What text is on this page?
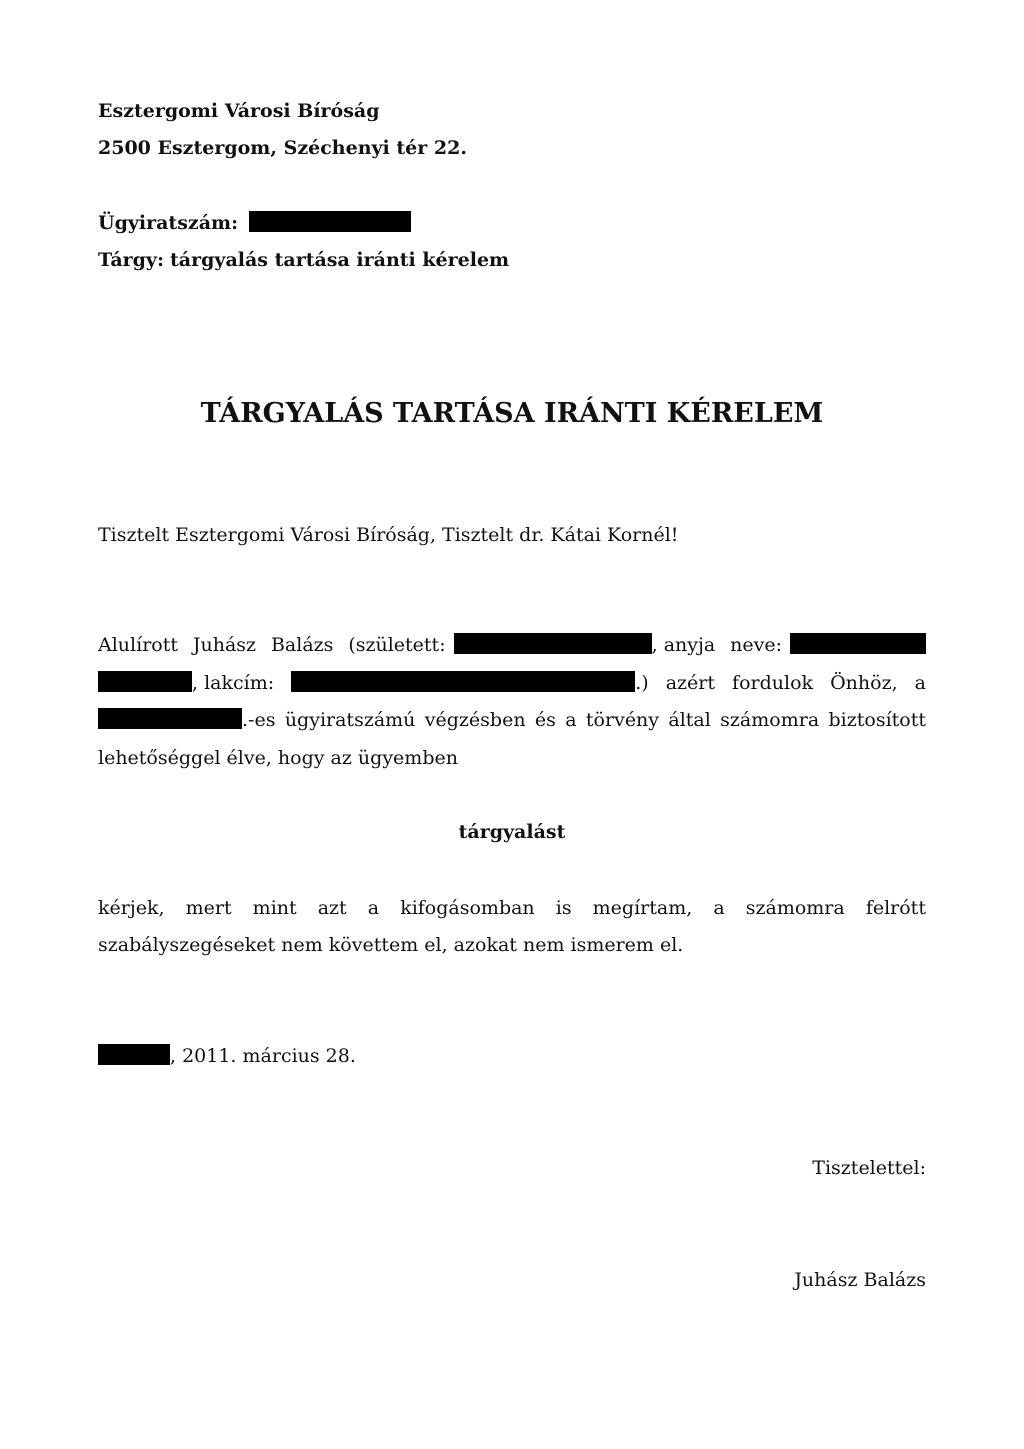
Esztergomi Városi Bíróság
2500 Esztergom, Széchenyi tér 22.
Ügyiratszám:
Tárgy: tárgyalás tartása iránti kérelem
TÁRGYALÁS TARTÁSA IRÁNTI KÉRELEM
Tisztelt Esztergomi Városi Bíróság, Tisztelt dr. Kátai Kornél!
Alulírott Juhász Balázs (született:	, anyja neve:
, lakcím:	.) azért fordulok Önhöz, a
.-es ügyiratszámú végzésben és a törvény által számomra biztosított
lehetőséggel élve, hogy az ügyemben
tárgyalást
kérjek, mert mint azt a kifogásomban is megírtam, a számomra felrótt
szabályszegéseket nem követtem el, azokat nem ismerem el.
, 2011. március 28.
Tisztelettel:
Juhász Balázs
